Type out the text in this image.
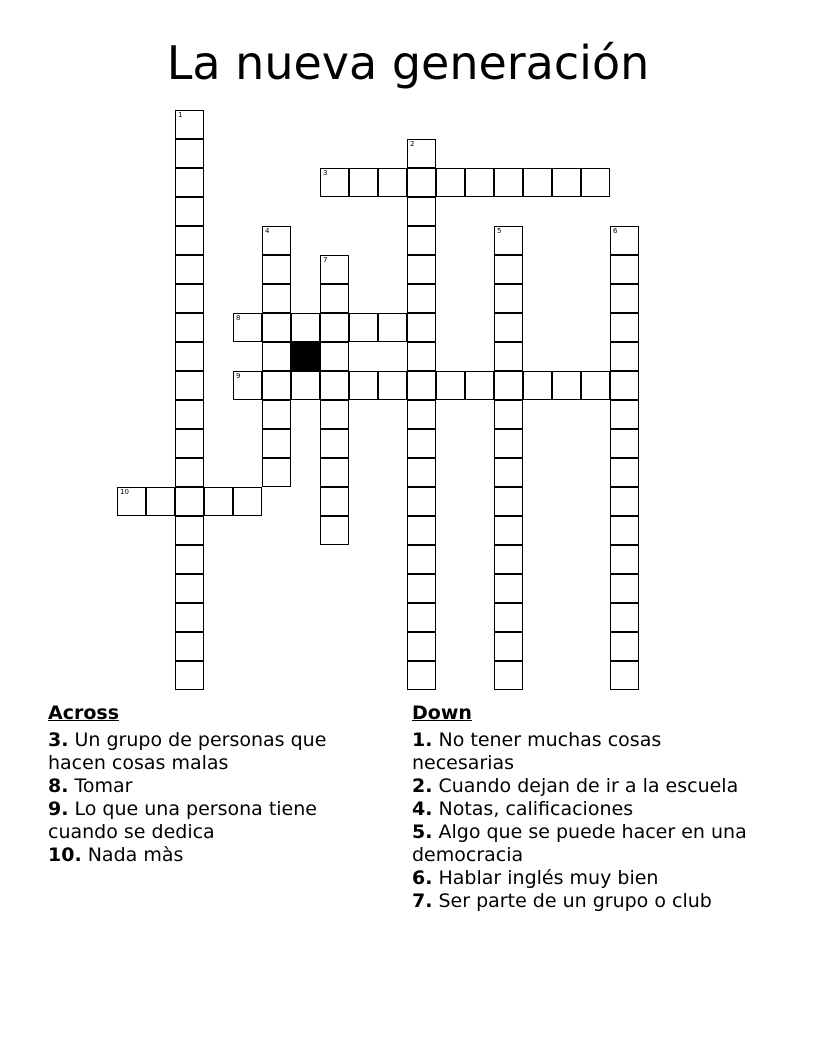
La nueva generación
3
8
9
10
1
2
4	5	6
7
Across
3. Un grupo de personas que hacen cosas malas
8. Tomar
9. Lo que una persona tiene cuando se dedica
10. Nada màs
Down
1. No tener muchas cosas necesarias
2. Cuando dejan de ir a la escuela
4. Notas, calificaciones
5. Algo que se puede hacer en una democracia
6. Hablar inglés muy bien
7. Ser parte de un grupo o club
